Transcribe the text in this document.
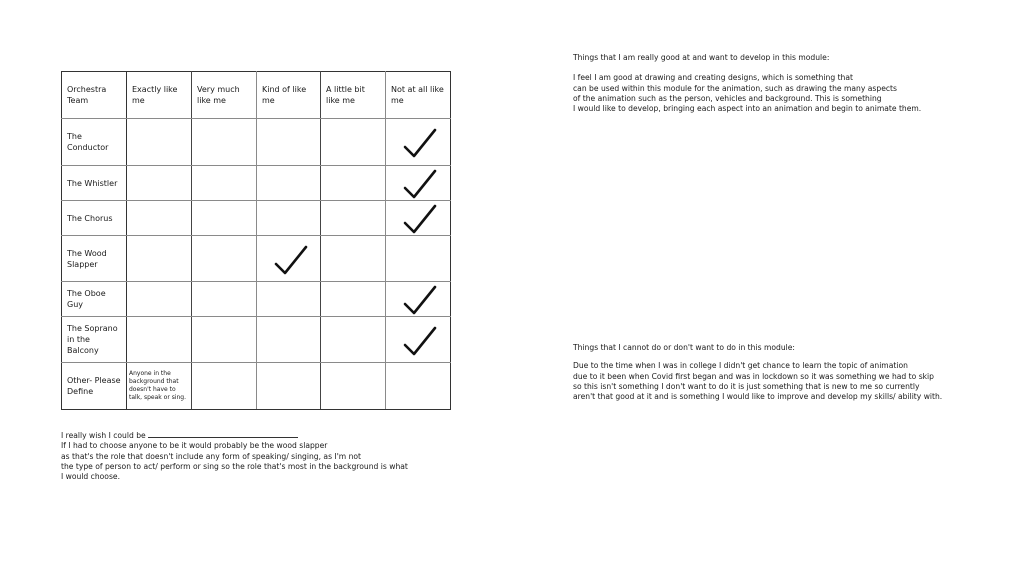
Orchestra Team	Exactly like me	Very much like me	Kind of like me	A little bit like me	Not at all like me
The Conductor					

The Whistler					

The Chorus					

The Wood Slapper			

The Oboe Guy					

The Soprano in the Balcony					

Other- Please Define	Anyone in the background that doesn't have to talk, speak or sing.				

I really wish I could be

If I had to choose anyone to be it would probably be the wood slapper

as that's the role that doesn't include any form of speaking/ singing, as I'm not

the type of person to act/ perform or sing so the role that's most in the background is what

I would choose.

Things that I am really good at and want to develop in this module:

I feel I am good at drawing and creating designs, which is something that

can be used within this module for the animation, such as drawing the many aspects

of the animation such as the person, vehicles and background. This is something

I would like to develop, bringing each aspect into an animation and begin to animate them.

Things that I cannot do or don't want to do in this module:

Due to the time when I was in college I didn't get chance to learn the topic of animation

due to it been when Covid first began and was in lockdown so it was something we had to skip

so this isn't something I don't want to do it is just something that is new to me so currently

aren't that good at it and is something I would like to improve and develop my skills/ ability with.
